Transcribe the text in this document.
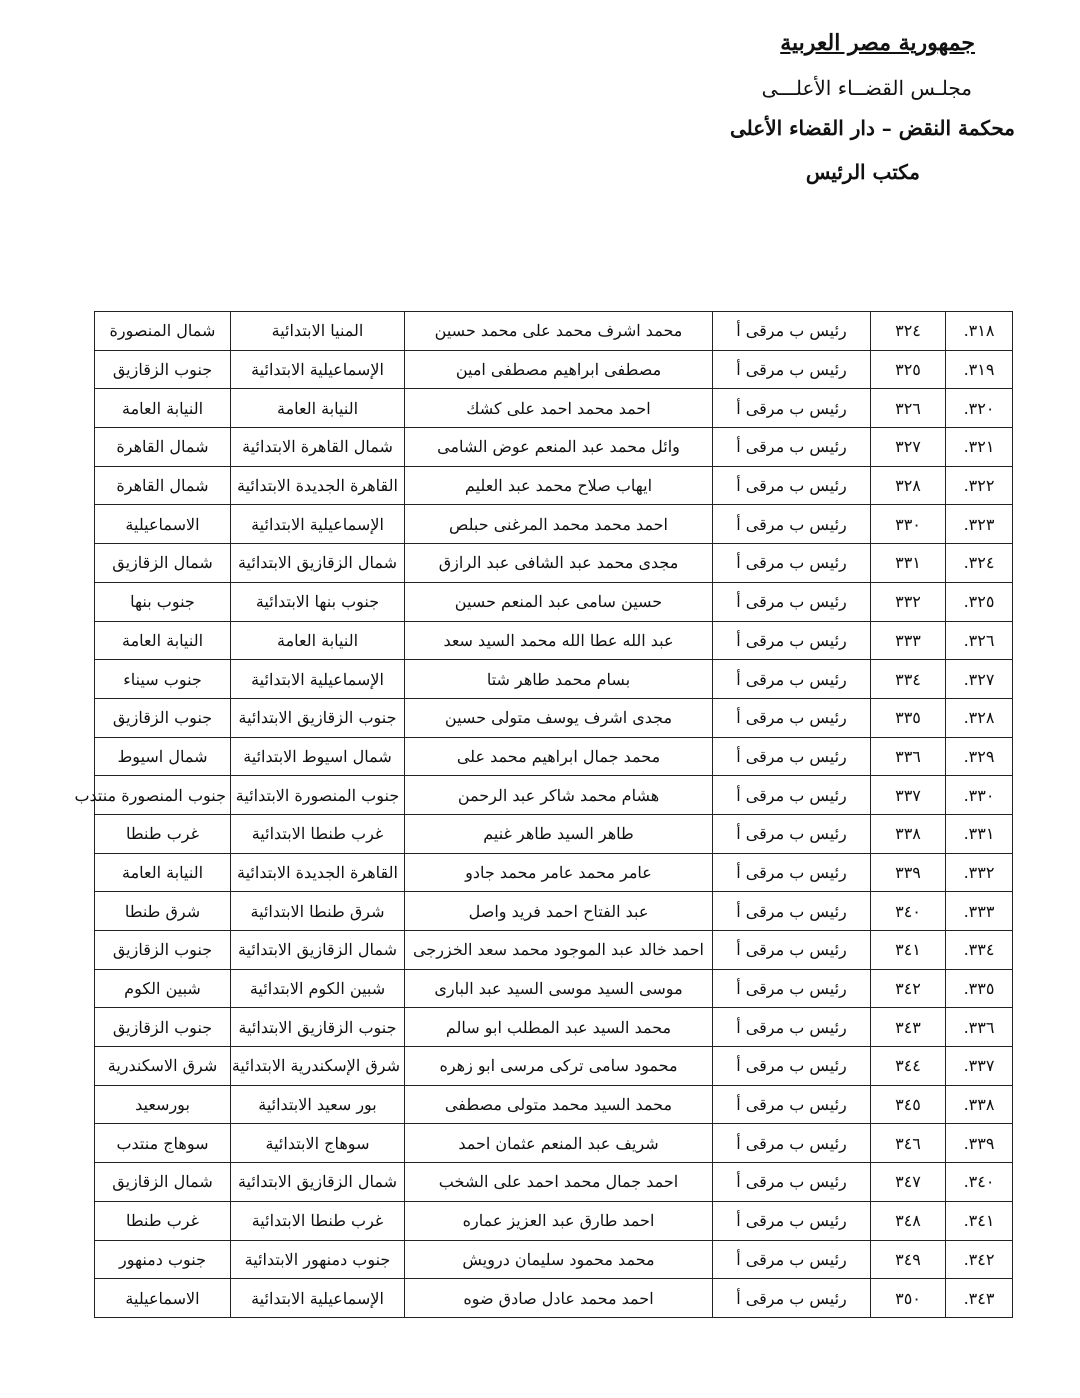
جمهورية مصر العربية
مجلـس القضــاء الأعلـــى
محكمة النقض – دار القضاء الأعلى
مكتب الرئيس
٣١٨.	٣٢٤	رئيس ب مرقى أ	محمد اشرف محمد على محمد حسين	المنيا الابتدائية	شمال المنصورة
٣١٩.	٣٢٥	رئيس ب مرقى أ	مصطفى ابراهيم مصطفى امين	الإسماعيلية الابتدائية	جنوب الزقازيق
٣٢٠.	٣٢٦	رئيس ب مرقى أ	احمد محمد احمد على كشك	النيابة العامة	النيابة العامة
٣٢١.	٣٢٧	رئيس ب مرقى أ	وائل محمد عبد المنعم عوض الشامى	شمال القاهرة الابتدائية	شمال القاهرة
٣٢٢.	٣٢٨	رئيس ب مرقى أ	ايهاب صلاح محمد عبد العليم	القاهرة الجديدة الابتدائية	شمال القاهرة
٣٢٣.	٣٣٠	رئيس ب مرقى أ	احمد محمد محمد المرغنى حبلص	الإسماعيلية الابتدائية	الاسماعيلية
٣٢٤.	٣٣١	رئيس ب مرقى أ	مجدى محمد عبد الشافى عبد الرازق	شمال الزقازيق الابتدائية	شمال الزقازيق
٣٢٥.	٣٣٢	رئيس ب مرقى أ	حسين سامى عبد المنعم حسين	جنوب بنها الابتدائية	جنوب بنها
٣٢٦.	٣٣٣	رئيس ب مرقى أ	عبد الله عطا الله محمد السيد سعد	النيابة العامة	النيابة العامة
٣٢٧.	٣٣٤	رئيس ب مرقى أ	بسام محمد طاهر شتا	الإسماعيلية الابتدائية	جنوب سيناء
٣٢٨.	٣٣٥	رئيس ب مرقى أ	مجدى اشرف يوسف متولى حسين	جنوب الزقازيق الابتدائية	جنوب الزقازيق
٣٢٩.	٣٣٦	رئيس ب مرقى أ	محمد جمال ابراهيم محمد على	شمال اسيوط الابتدائية	شمال اسيوط
٣٣٠.	٣٣٧	رئيس ب مرقى أ	هشام محمد شاكر عبد الرحمن	جنوب المنصورة الابتدائية	جنوب المنصورة منتدب
٣٣١.	٣٣٨	رئيس ب مرقى أ	طاهر السيد طاهر غنيم	غرب طنطا الابتدائية	غرب طنطا
٣٣٢.	٣٣٩	رئيس ب مرقى أ	عامر محمد عامر محمد جادو	القاهرة الجديدة الابتدائية	النيابة العامة
٣٣٣.	٣٤٠	رئيس ب مرقى أ	عبد الفتاح احمد فريد واصل	شرق طنطا الابتدائية	شرق طنطا
٣٣٤.	٣٤١	رئيس ب مرقى أ	احمد خالد عبد الموجود محمد سعد الخزرجى	شمال الزقازيق الابتدائية	جنوب الزقازيق
٣٣٥.	٣٤٢	رئيس ب مرقى أ	موسى السيد موسى السيد عبد البارى	شبين الكوم الابتدائية	شبين الكوم
٣٣٦.	٣٤٣	رئيس ب مرقى أ	محمد السيد عبد المطلب ابو سالم	جنوب الزقازيق الابتدائية	جنوب الزقازيق
٣٣٧.	٣٤٤	رئيس ب مرقى أ	محمود سامى تركى مرسى ابو زهره	شرق الإسكندرية الابتدائية	شرق الاسكندرية
٣٣٨.	٣٤٥	رئيس ب مرقى أ	محمد السيد محمد متولى مصطفى	بور سعيد الابتدائية	بورسعيد
٣٣٩.	٣٤٦	رئيس ب مرقى أ	شريف عبد المنعم عثمان احمد	سوهاج الابتدائية	سوهاج منتدب
٣٤٠.	٣٤٧	رئيس ب مرقى أ	احمد جمال محمد احمد على الشخب	شمال الزقازيق الابتدائية	شمال الزقازيق
٣٤١.	٣٤٨	رئيس ب مرقى أ	احمد طارق عبد العزيز عماره	غرب طنطا الابتدائية	غرب طنطا
٣٤٢.	٣٤٩	رئيس ب مرقى أ	محمد محمود سليمان درويش	جنوب دمنهور الابتدائية	جنوب دمنهور
٣٤٣.	٣٥٠	رئيس ب مرقى أ	احمد محمد عادل صادق ضوه	الإسماعيلية الابتدائية	الاسماعيلية
